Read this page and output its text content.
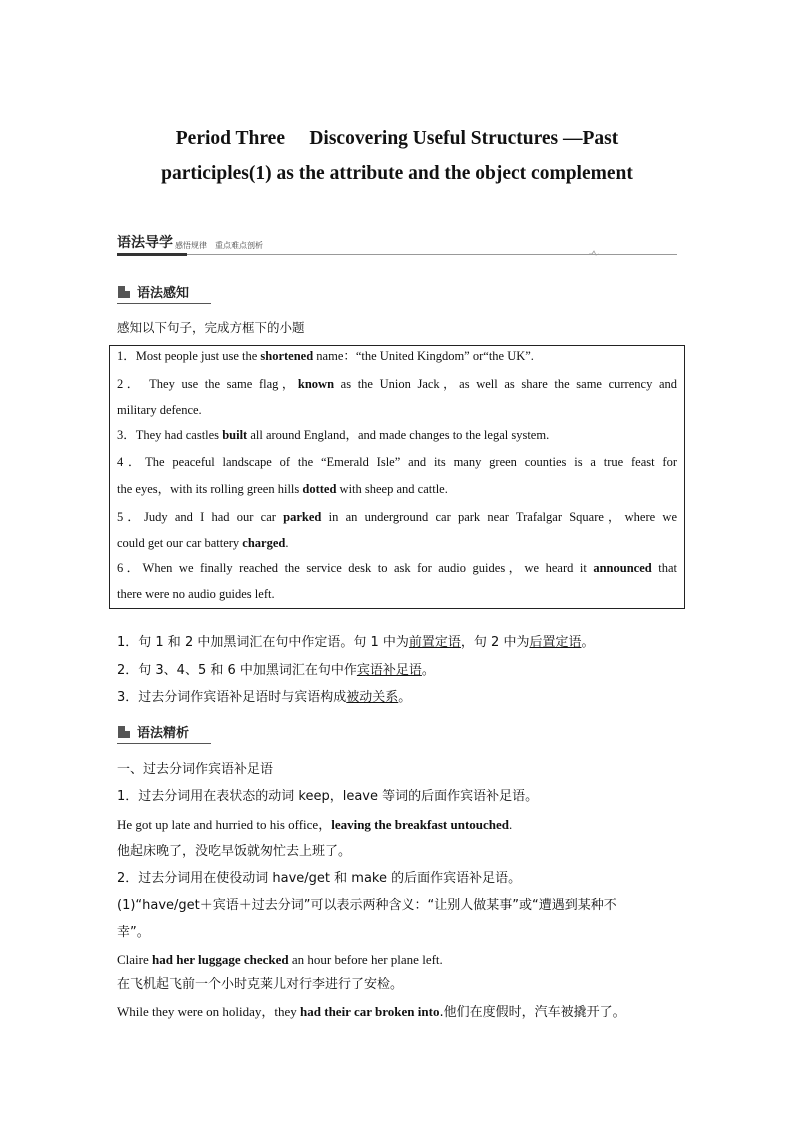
Period Three　 Discovering Useful Structures —Past
participles(1) as the attribute and the object complement
语法导学 感悟规律　重点难点剖析
语法感知
感知以下句子，完成方框下的小题
1．Most people just use the shortened name：“the United Kingdom” or“the UK”.
2． They use the same flag，known as the Union Jack，as well as share the same currency and
military defence.
3．They had castles built all around England，and made changes to the legal system.
4．The peaceful landscape of the “Emerald Isle” and its many green counties is a true feast for
the eyes，with its rolling green hills dotted with sheep and cattle.
5．Judy and I had our car parked in an underground car park near Trafalgar Square，where we
could get our car battery charged.
6．When we finally reached the service desk to ask for audio guides，we heard it announced that
there were no audio guides left.
1．句 1 和 2 中加黑词汇在句中作定语。句 1 中为前置定语，句 2 中为后置定语。
2．句 3、4、5 和 6 中加黑词汇在句中作宾语补足语。
3．过去分词作宾语补足语时与宾语构成被动关系。
语法精析
一、过去分词作宾语补足语
1．过去分词用在表状态的动词 keep，leave 等词的后面作宾语补足语。
He got up late and hurried to his office，leaving the breakfast untouched.
他起床晚了，没吃早饭就匆忙去上班了。
2．过去分词用在使役动词 have/get 和 make 的后面作宾语补足语。
(1)“have/get＋宾语＋过去分词”可以表示两种含义：“让别人做某事”或“遭遇到某种不
幸”。
Claire had her luggage checked an hour before her plane left.
在飞机起飞前一个小时克莱儿对行李进行了安检。
While they were on holiday，they had their car broken into.他们在度假时，汽车被撬开了。
